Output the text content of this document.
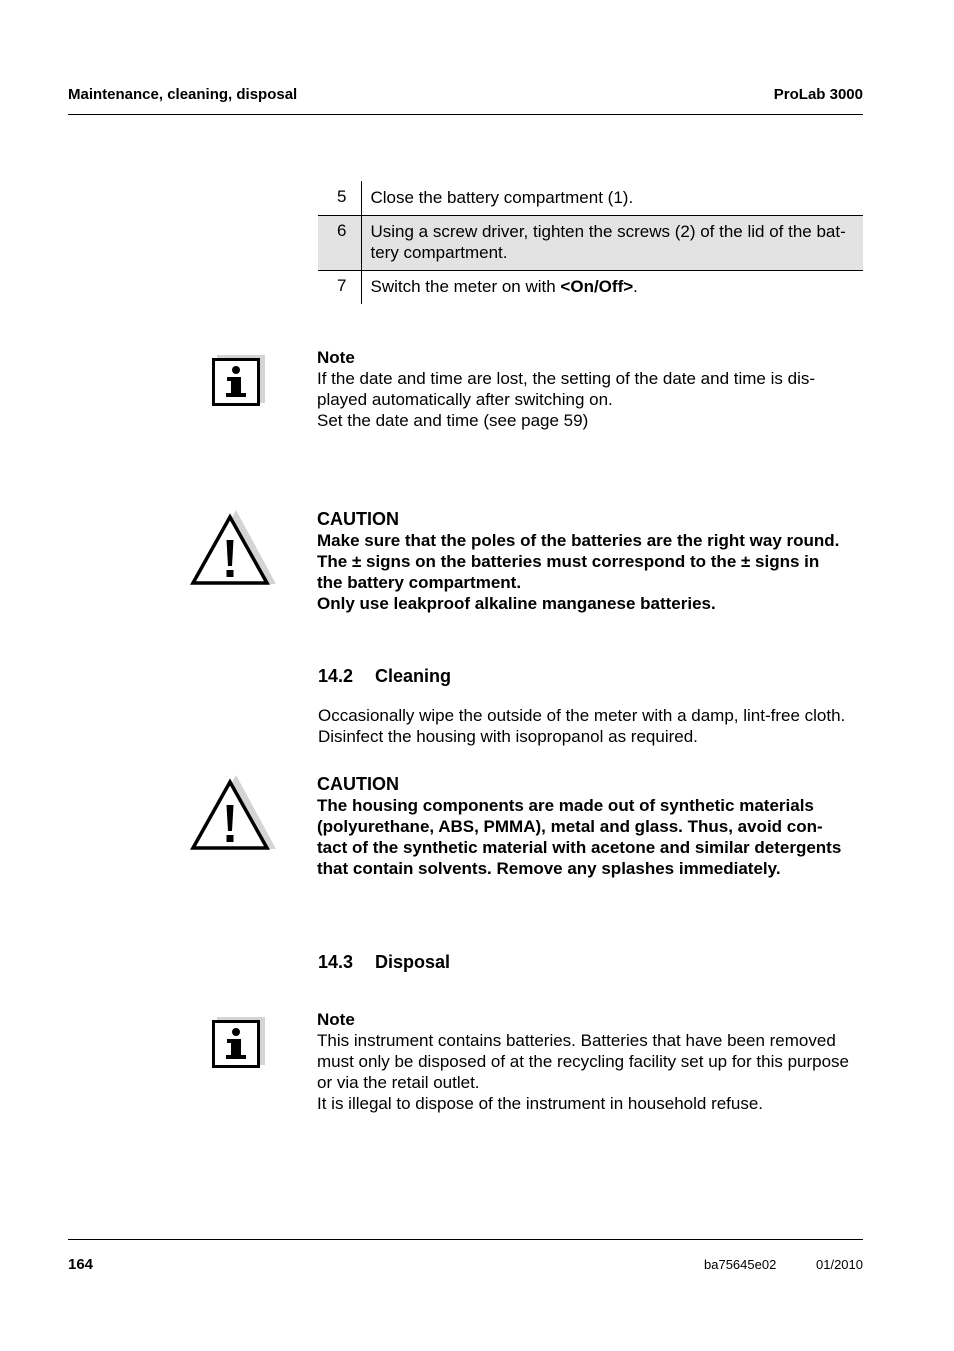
Maintenance, cleaning, disposal	ProLab 3000
5	Close the battery compartment (1).
6	Using a screw driver, tighten the screws (2) of the lid of the bat-
tery compartment.

7	Switch the meter on with <On/Off>.
Note
If the date and time are lost, the setting of the date and time is dis-
played automatically after switching on.
Set the date and time (see page 59)
CAUTION
Make sure that the poles of the batteries are the right way round.
The ± signs on the batteries must correspond to the ± signs in
the battery compartment.
Only use leakproof alkaline manganese batteries.
14.2 Cleaning
Occasionally wipe the outside of the meter with a damp, lint-free cloth.
Disinfect the housing with isopropanol as required.
CAUTION
The housing components are made out of synthetic materials
(polyurethane, ABS, PMMA), metal and glass. Thus, avoid con-
tact of the synthetic material with acetone and similar detergents
that contain solvents. Remove any splashes immediately.
14.3 Disposal
Note
This instrument contains batteries. Batteries that have been removed
must only be disposed of at the recycling facility set up for this purpose
or via the retail outlet.
It is illegal to dispose of the instrument in household refuse.
164	ba75645e02	01/2010
